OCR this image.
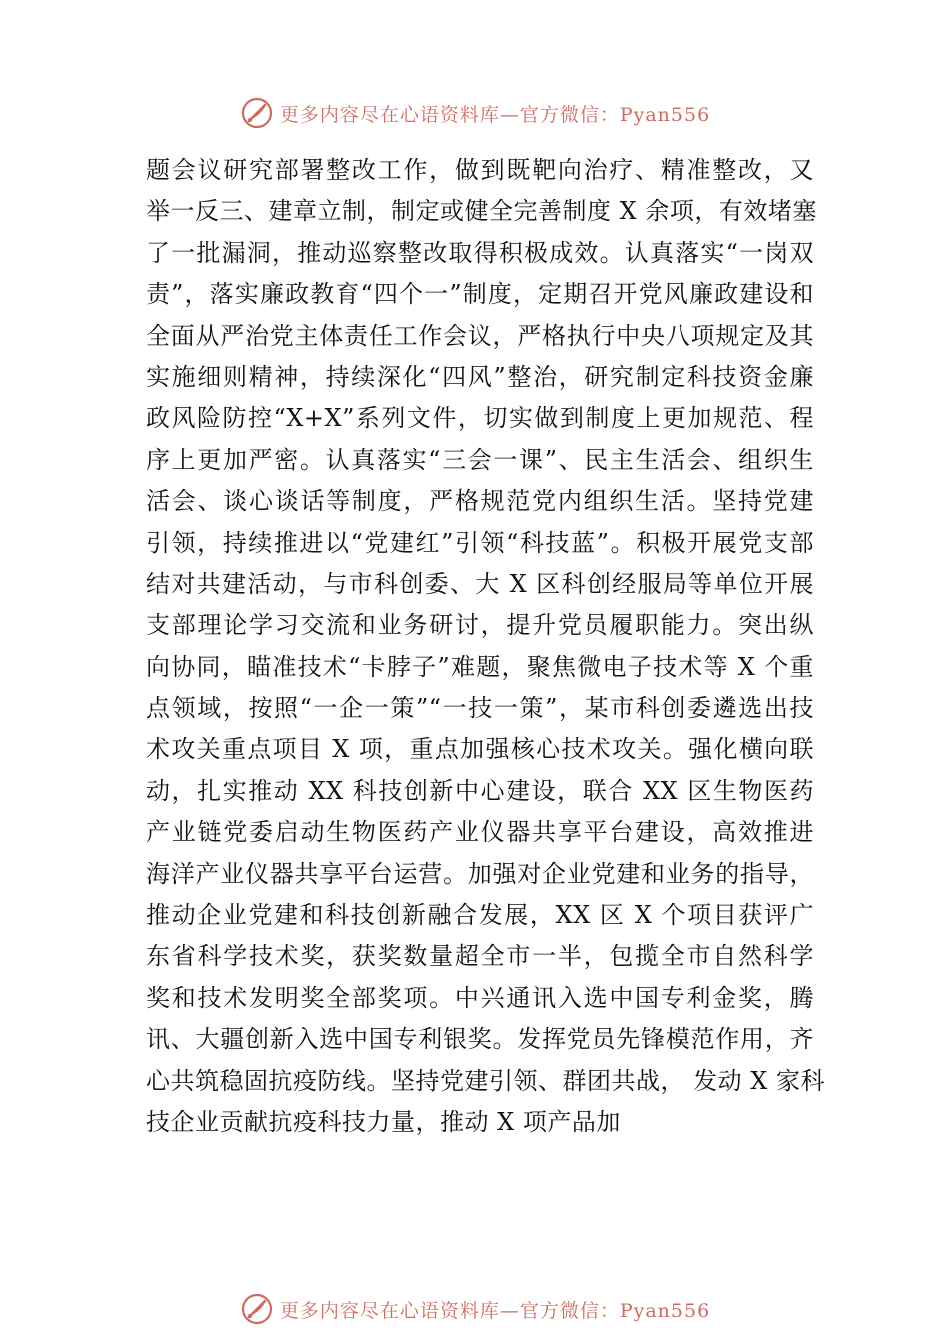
更多内容尽在心语资料库—官方微信：Pyan556
题会议研究部署整改工作，做到既靶向治疗、精准整改，又
举一反三、建章立制，制定或健全完善制度 X 余项，有效堵塞
了一批漏洞，推动巡察整改取得积极成效。认真落实“一岗双
责”，落实廉政教育“四个一”制度，定期召开党风廉政建设和
全面从严治党主体责任工作会议，严格执行中央八项规定及其
实施细则精神，持续深化“四风”整治，研究制定科技资金廉
政风险防控“X+X”系列文件，切实做到制度上更加规范、程
序上更加严密。认真落实“三会一课”、民主生活会、组织生
活会、谈心谈话等制度，严格规范党内组织生活。坚持党建
引领，持续推进以“党建红”引领“科技蓝”。积极开展党支部
结对共建活动，与市科创委、大 X 区科创经服局等单位开展
支部理论学习交流和业务研讨，提升党员履职能力。突出纵
向协同，瞄准技术“卡脖子”难题，聚焦微电子技术等 X 个重
点领域，按照“一企一策”“一技一策”，某市科创委遴选出技
术攻关重点项目 X 项，重点加强核心技术攻关。强化横向联
动，扎实推动 XX 科技创新中心建设，联合 XX 区生物医药
产业链党委启动生物医药产业仪器共享平台建设，高效推进
海洋产业仪器共享平台运营。加强对企业党建和业务的指导，
推动企业党建和科技创新融合发展，XX 区 X 个项目获评广
东省科学技术奖，获奖数量超全市一半，包揽全市自然科学
奖和技术发明奖全部奖项。中兴通讯入选中国专利金奖，腾
讯、大疆创新入选中国专利银奖。发挥党员先锋模范作用，齐
心共筑稳固抗疫防线。坚持党建引领、群团共战， 发动 X 家科
技企业贡献抗疫科技力量，推动 X 项产品加
更多内容尽在心语资料库—官方微信：Pyan556
